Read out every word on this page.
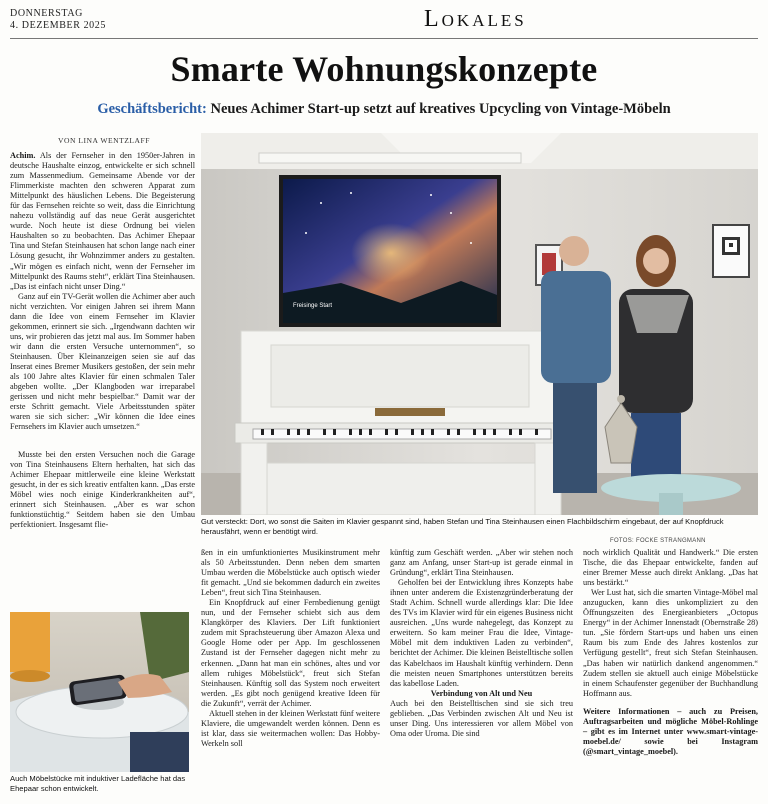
DONNERSTAG
4. DEZEMBER 2025	Lokales
Smarte Wohnungskonzepte
Geschäftsbericht: Neues Achimer Start-up setzt auf kreatives Upcycling von Vintage-Möbeln
VON LINA WENTZLAFF

Achim. Als der Fernseher in den 1950er-Jahren in deutsche Haushalte einzog, entwickelte er sich schnell zum Massenmedium. Gemeinsame Abende vor der Flimmerkiste machten den schweren Apparat zum Mittelpunkt des häuslichen Lebens. Die Begeisterung für das Fernsehen reichte so weit, dass die Einrichtung nahezu vollständig auf das neue Gerät ausgerichtet wurde. Noch heute ist diese Ordnung bei vielen Haushalten so zu beobachten. Das Achimer Ehepaar Tina und Stefan Steinhausen hat schon lange nach einer Lösung gesucht, ihr Wohnzimmer anders zu gestalten. „Wir mögen es einfach nicht, wenn der Fernseher im Mittelpunkt des Raums steht“, erklärt Tina Steinhausen. „Das ist einfach nicht unser Ding.“

Ganz auf ein TV-Gerät wollen die Achimer aber auch nicht verzichten. Vor einigen Jahren sei ihrem Mann dann die Idee von einem Fernseher im Klavier gekommen, erinnert sie sich. „Irgendwann dachten wir uns, wir probieren das jetzt mal aus. Im Sommer haben wir dann die ersten Versuche unternommen“, so Steinhausen. Über Kleinanzeigen seien sie auf das Inserat eines Bremer Musikers gestoßen, der sein mehr als 100 Jahre altes Klavier für einen schmalen Taler abgeben wollte. „Der Klangboden war irreparabel gerissen und nicht mehr bespielbar.“ Damit war der erste Schritt gemacht. Viele Arbeitsstunden später waren sie sich sicher: „Wir können die Idee eines Fernsehers im Klavier auch umsetzen.“

Musste bei den ersten Versuchen noch die Garage von Tina Steinhausens Eltern herhalten, hat sich das Achimer Ehepaar mittlerweile eine kleine Werkstatt gesucht, in der es sich kreativ entfalten kann. „Das erste Möbel wies noch einige Kinderkrankheiten auf“, erinnert sich Steinhausen. „Aber es war schon funktionstüchtig.“ Seitdem haben sie den Umbau perfektioniert. Insgesamt flie-

Freisinge Start
Gut versteckt: Dort, wo sonst die Saiten im Klavier gespannt sind, haben Stefan und Tina Steinhausen einen Flachbildschirm eingebaut, der auf Knopfdruck herausfährt, wenn er benötigt wird.
FOTOS: FOCKE STRANGMANN
Auch Möbelstücke mit induktiver Ladefläche hat das Ehepaar schon entwickelt.

ßen in ein umfunktioniertes Musikinstrument mehr als 50 Arbeitsstunden. Denn neben dem smarten Umbau werden die Möbelstücke auch optisch wieder fit gemacht. „Und sie bekommen dadurch ein zweites Leben“, freut sich Tina Steinhausen.

Ein Knopfdruck auf einer Fernbedienung genügt nun, und der Fernseher schiebt sich aus dem Klangkörper des Klaviers. Der Lift funktioniert zudem mit Sprachsteuerung über Amazon Alexa und Google Home oder per App. Im geschlossenen Zustand ist der Fernseher dagegen nicht mehr zu erkennen. „Dann hat man ein schönes, altes und vor allem ruhiges Möbelstück“, freut sich Stefan Steinhausen. Künftig soll das System noch erweitert werden. „Es gibt noch genügend kreative Ideen für die Zukunft“, verrät der Achimer.

Aktuell stehen in der kleinen Werkstatt fünf weitere Klaviere, die umgewandelt werden können. Denn es ist klar, dass sie weitermachen wollen: Das Hobby-Werkeln soll

künftig zum Geschäft werden. „Aber wir stehen noch ganz am Anfang, unser Start-up ist gerade einmal in Gründung“, erklärt Tina Steinhausen.

Geholfen bei der Entwicklung ihres Konzepts habe ihnen unter anderem die Existenzgründerberatung der Stadt Achim. Schnell wurde allerdings klar: Die Idee des TVs im Klavier wird für ein eigenes Business nicht ausreichen. „Uns wurde nahegelegt, das Konzept zu erweitern. So kam meiner Frau die Idee, Vintage-Möbel mit dem induktiven Laden zu verbinden“, berichtet der Achimer. Die kleinen Beistelltische sollen das Kabelchaos im Haushalt künftig verhindern. Denn die meisten neuen Smartphones unterstützen bereits das kabellose Laden.

Verbindung von Alt und Neu

Auch bei den Beistelltischen sind sie sich treu geblieben. „Das Verbinden zwischen Alt und Neu ist unser Ding. Uns interessieren vor allem Möbel von Oma oder Uroma. Die sind

noch wirklich Qualität und Handwerk.“ Die ersten Tische, die das Ehepaar entwickelte, fanden auf einer Bremer Messe auch direkt Anklang. „Das hat uns bestärkt.“

Wer Lust hat, sich die smarten Vintage-Möbel mal anzugucken, kann dies unkompliziert zu den Öffnungszeiten des Energieanbieters „Octopus Energy“ in der Achimer Innenstadt (Obernstraße 28) tun. „Sie fördern Start-ups und haben uns einen Raum bis zum Ende des Jahres kostenlos zur Verfügung gestellt“, freut sich Stefan Steinhausen. „Das haben wir natürlich dankend angenommen.“ Zudem stellen sie aktuell auch einige Möbelstücke in einem Schaufenster gegenüber der Buchhandlung Hoffmann aus.

Weitere Informationen – auch zu Preisen, Auftragsarbeiten und mögliche Möbel-Rohlinge – gibt es im Internet unter www.smart-vintage-moebel.de/ sowie bei Instagram (@smart_vintage_moebel).
